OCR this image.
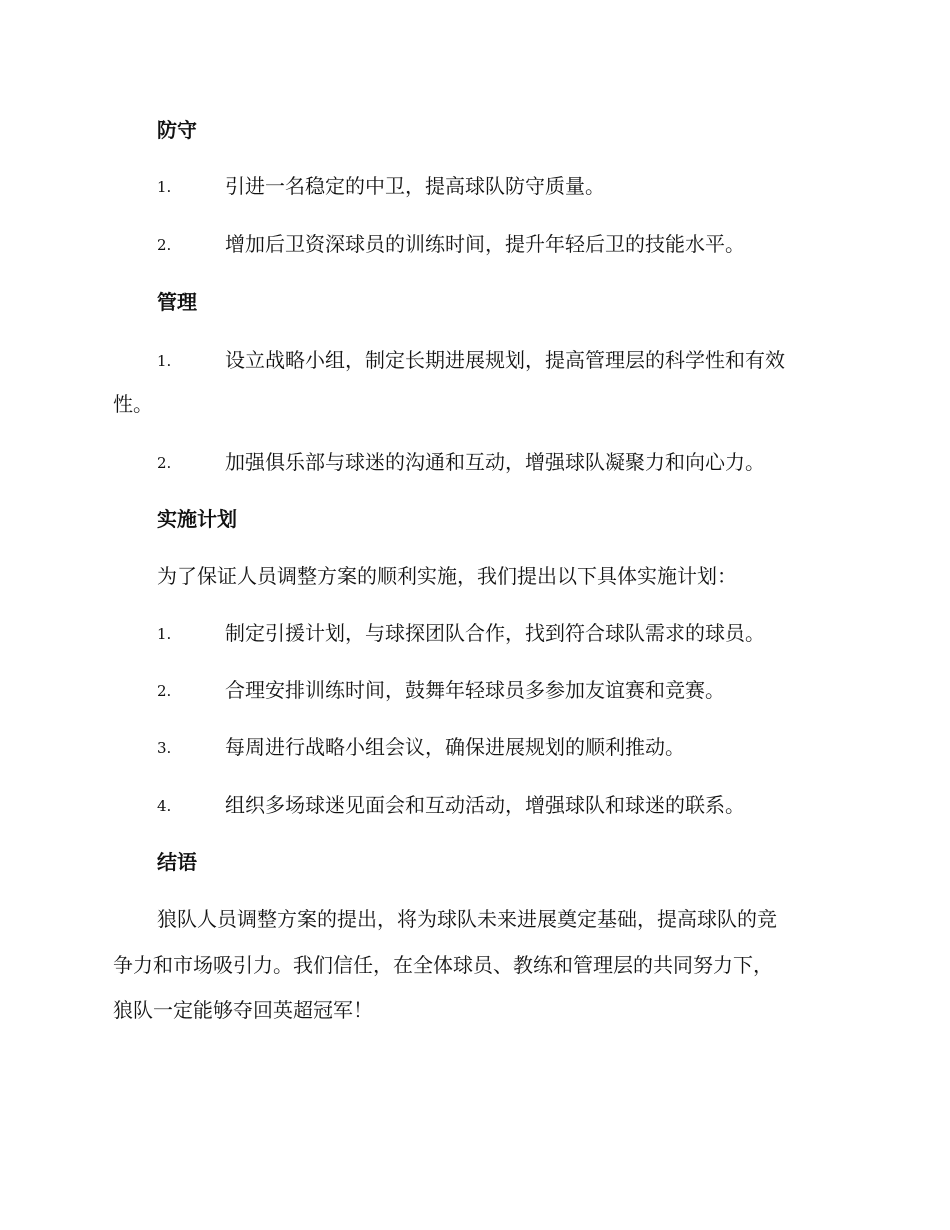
防守
1.	引进一名稳定的中卫，提高球队防守质量。
2.	增加后卫资深球员的训练时间，提升年轻后卫的技能水平。
管理
1.	设立战略小组，制定长期进展规划，提高管理层的科学性和有效
性。
2.	加强俱乐部与球迷的沟通和互动，增强球队凝聚力和向心力。
实施计划
为了保证人员调整方案的顺利实施，我们提出以下具体实施计划：
1.	制定引援计划，与球探团队合作，找到符合球队需求的球员。
2.	合理安排训练时间，鼓舞年轻球员多参加友谊赛和竞赛。
3.	每周进行战略小组会议，确保进展规划的顺利推动。
4.	组织多场球迷见面会和互动活动，增强球队和球迷的联系。
结语
狼队人员调整方案的提出，将为球队未来进展奠定基础，提高球队的竞
争力和市场吸引力。我们信任，在全体球员、教练和管理层的共同努力下，
狼队一定能够夺回英超冠军！
